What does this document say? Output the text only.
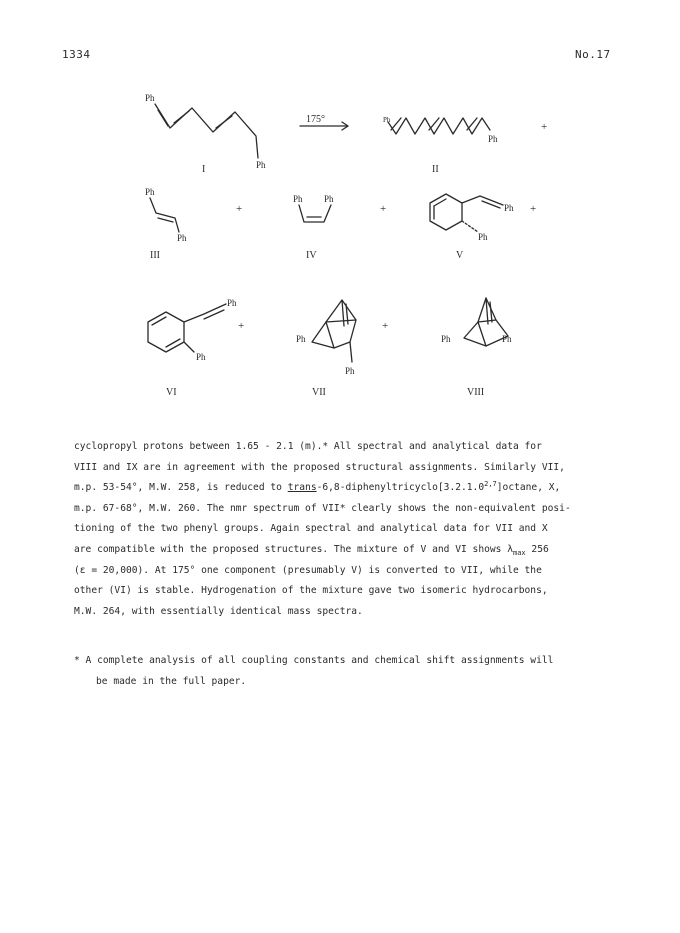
1334	No.17
Ph
Ph
Ph
Ph
Ph
Ph
Ph Ph
Ph
Ph
Ph
Ph
Ph
Ph
Ph	Ph
175°
+
+	+	+
+	+
I	II
III	IV	V
VI	VII	VIII
cyclopropyl protons between 1.65 - 2.1 (m).* All spectral and analytical data for
VIII and IX are in agreement with the proposed structural assignments. Similarly VII,
m.p. 53-54°, M.W. 258, is reduced to trans-6,8-diphenyltricyclo[3.2.1.0$^{2,7}$]octane, X,
m.p. 67-68°, M.W. 260. The nmr spectrum of VII* clearly shows the non-equivalent posi-
tioning of the two phenyl groups. Again spectral and analytical data for VII and X
are compatible with the proposed structures. The mixture of V and VI shows $\lambda_{max}$ 256
(ε = 20,000). At 175° one component (presumably V) is converted to VII, while the
other (VI) is stable. Hydrogenation of the mixture gave two isomeric hydrocarbons,
M.W. 264, with essentially identical mass spectra.
* A complete analysis of all coupling constants and chemical shift assignments will
be made in the full paper.
